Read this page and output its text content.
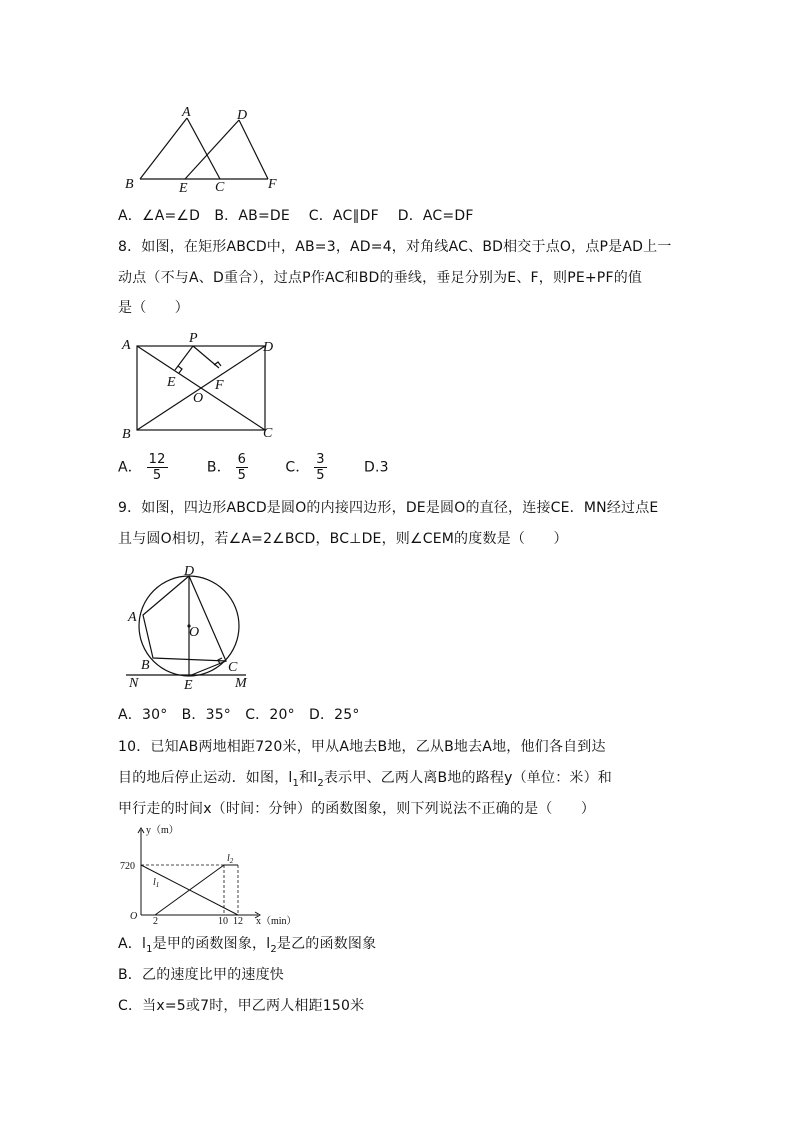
A	D
B	E C	F
A．∠A=∠D　B．AB=DE　 C．AC∥DF　 D．AC=DF
8．如图，在矩形ABCD中，AB=3，AD=4，对角线AC、BD相交于点O，点P是AD上一
动点（不与A、D重合），过点P作AC和BD的垂线，垂足分别为E、F，则PE+PF的值
是（　　）
A	P
D
E	F
O
B	C
A． $\frac{12}{5}$	B． $\frac{6}{5}$	C． $\frac{3}{5}$	D.3
9．如图，四边形ABCD是圆O的内接四边形，DE是圆O的直径，连接CE．MN经过点E
且与圆O相切，若∠A=2∠BCD，BC⊥DE，则∠CEM的度数是（　　）
D
A
O
B	C
N	E	M
A．30°　B．35°　C．20°　D．25°
10．已知AB两地相距720米，甲从A地去B地，乙从B地去A地，他们各自到达
目的地后停止运动．如图，$l_1$和$l_2$表示甲、乙两人离B地的路程y（单位：米）和
甲行走的时间x（时间：分钟）的函数图象，则下列说法不正确的是（　　）
y（m）
720
$l_1$
$l_2$
O 2	10 12 x（min）
A．$l_1$是甲的函数图象，$l_2$是乙的函数图象
B．乙的速度比甲的速度快
C．当x=5或7时，甲乙两人相距150米
